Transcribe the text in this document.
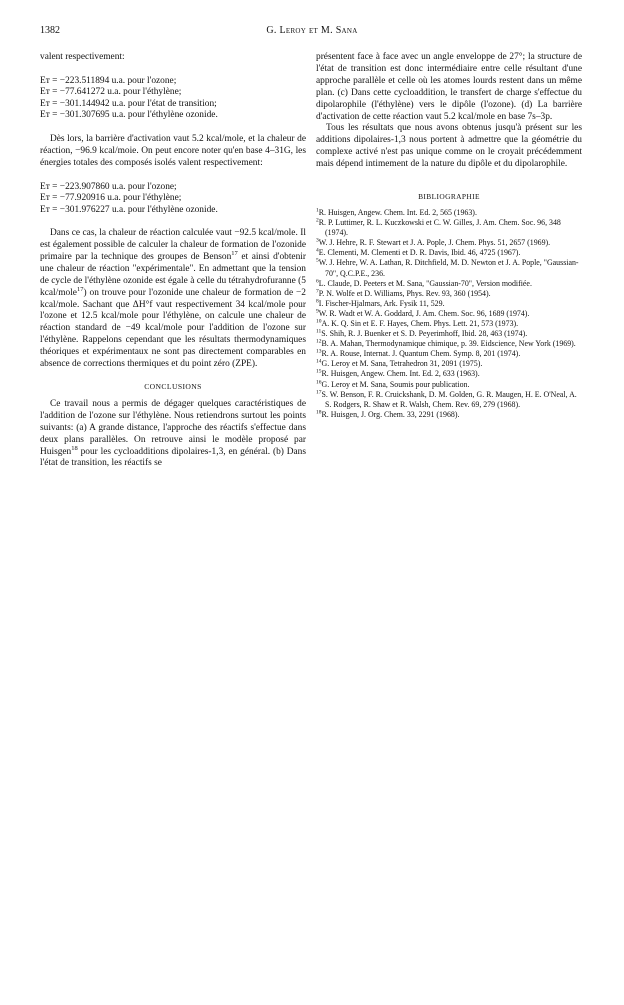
1382	G. Leroy et M. Sana

valent respectivement:

Eᴛ = −223.511894 u.a. pour l'ozone;
Eᴛ = −77.641272 u.a. pour l'éthylène;
Eᴛ = −301.144942 u.a. pour l'état de transition;
Eᴛ = −301.307695 u.a. pour l'éthylène ozonide.

Dès lors, la barrière d'activation vaut 5.2 kcal/mole, et la chaleur de réaction, −96.9 kcal/moie. On peut encore noter qu'en base 4–31G, les énergies totales des composés isolés valent respectivement:

Eᴛ = −223.907860 u.a. pour l'ozone;
Eᴛ = −77.920916 u.a. pour l'éthylène;
Eᴛ = −301.976227 u.a. pour l'éthylène ozonide.

Dans ce cas, la chaleur de réaction calculée vaut −92.5 kcal/mole. Il est également possible de calculer la chaleur de formation de l'ozonide primaire par la technique des groupes de Benson$^{17}$ et ainsi d'obtenir une chaleur de réaction "expérimentale". En admettant que la tension de cycle de l'éthylène ozonide est égale à celle du tétrahydrofuranne (5 kcal/mole$^{17}$) on trouve pour l'ozonide une chaleur de formation de −2 kcal/mole. Sachant que ΔH°f vaut respectivement 34 kcal/mole pour l'ozone et 12.5 kcal/mole pour l'éthylène, on calcule une chaleur de réaction standard de −49 kcal/mole pour l'addition de l'ozone sur l'éthylène. Rappelons cependant que les résultats thermodynamiques théoriques et expérimentaux ne sont pas directement comparables en absence de corrections thermiques et du point zéro (ZPE).

CONCLUSIONS

Ce travail nous a permis de dégager quelques caractéristiques de l'addition de l'ozone sur l'éthylène. Nous retiendrons surtout les points suivants: (a) A grande distance, l'approche des réactifs s'effectue dans deux plans parallèles. On retrouve ainsi le modèle proposé par Huisgen$^{18}$ pour les cycloadditions dipolaires-1,3, en général. (b) Dans l'état de transition, les réactifs se

présentent face à face avec un angle enveloppe de 27°; la structure de l'état de transition est donc intermédiaire entre celle résultant d'une approche parallèle et celle où les atomes lourds restent dans un même plan. (c) Dans cette cycloaddition, le transfert de charge s'effectue du dipolarophile (l'éthylène) vers le dipôle (l'ozone). (d) La barrière d'activation de cette réaction vaut 5.2 kcal/mole en base 7s–3p.

Tous les résultats que nous avons obtenus jusqu'à présent sur les additions dipolaires-1,3 nous portent à admettre que la géométrie du complexe activé n'est pas unique comme on le croyait précédemment mais dépend intimement de la nature du dipôle et du dipolarophile.

BIBLIOGRAPHIE
$^1$R. Huisgen, Angew. Chem. Int. Ed. 2, 565 (1963).
$^2$R. P. Luttimer, R. L. Kuczkowski et C. W. Gilles, J. Am. Chem. Soc. 96, 348 (1974).
$^3$W. J. Hehre, R. F. Stewart et J. A. Pople, J. Chem. Phys. 51, 2657 (1969).
$^4$E. Clementi, M. Clementi et D. R. Davis, Ibid. 46, 4725 (1967).
$^5$W. J. Hehre, W. A. Lathan, R. Ditchfield, M. D. Newton et J. A. Pople, "Gaussian-70", Q.C.P.E., 236.
$^6$L. Claude, D. Peeters et M. Sana, "Gaussian-70", Version modifiée.
$^7$P. N. Wolfe et D. Williams, Phys. Rev. 93, 360 (1954).
$^8$I. Fischer-Hjalmars, Ark. Fysik 11, 529.
$^9$W. R. Wadt et W. A. Goddard, J. Am. Chem. Soc. 96, 1689 (1974).
$^{10}$A. K. Q. Sin et E. F. Hayes, Chem. Phys. Lett. 21, 573 (1973).
$^{11}$S. Shih, R. J. Buenker et S. D. Peyerimhoff, Ibid. 28, 463 (1974).
$^{12}$B. A. Mahan, Thermodynamique chimique, p. 39. Eidscience, New York (1969).
$^{13}$R. A. Rouse, Internat. J. Quantum Chem. Symp. 8, 201 (1974).
$^{14}$G. Leroy et M. Sana, Tetrahedron 31, 2091 (1975).
$^{15}$R. Huisgen, Angew. Chem. Int. Ed. 2, 633 (1963).
$^{16}$G. Leroy et M. Sana, Soumis pour publication.
$^{17}$S. W. Benson, F. R. Cruickshank, D. M. Golden, G. R. Maugen, H. E. O'Neal, A. S. Rodgers, R. Shaw et R. Walsh, Chem. Rev. 69, 279 (1968).
$^{18}$R. Huisgen, J. Org. Chem. 33, 2291 (1968).
